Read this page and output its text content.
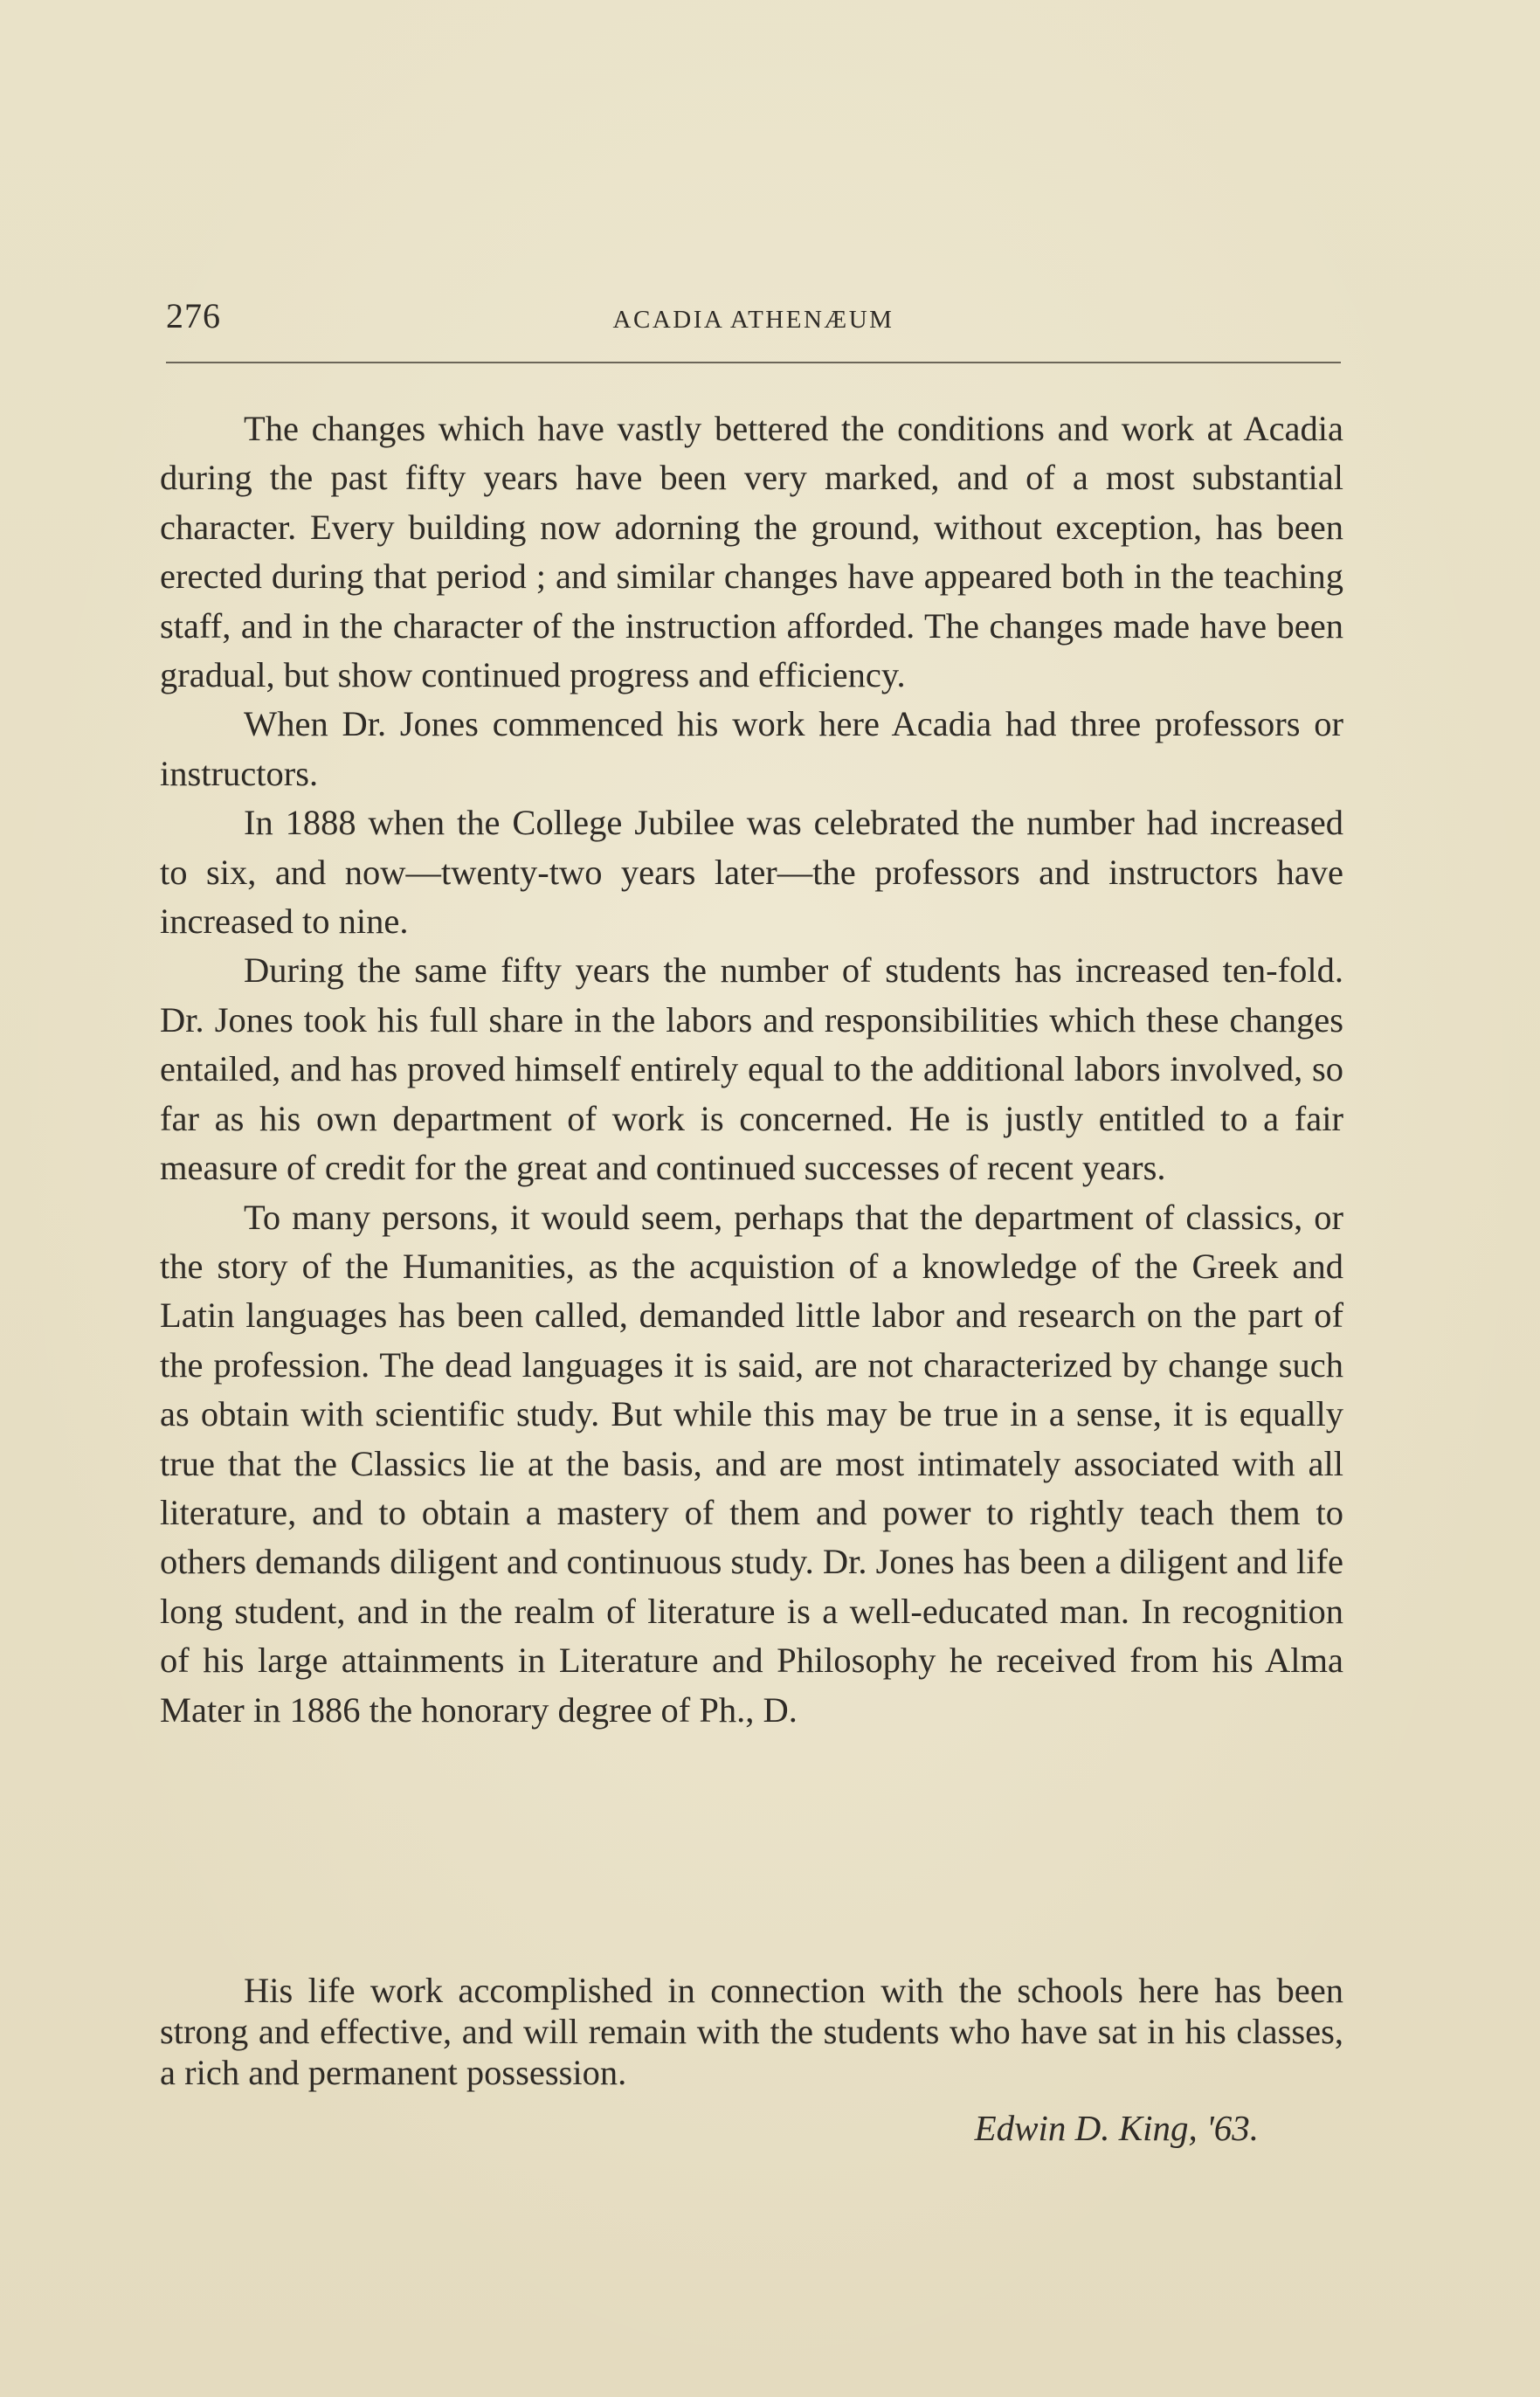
276	ACADIA ATHENÆUM

The changes which have vastly bettered the conditions and work at Acadia during the past fifty years have been very marked, and of a most substantial character. Every building now adorning the ground, without exception, has been erected during that period ; and similar changes have appeared both in the teaching staff, and in the character of the instruction afforded. The changes made have been gradual, but show continued progress and efficiency.

When Dr. Jones commenced his work here Acadia had three professors or instructors.

In 1888 when the College Jubilee was celebrated the number had increased to six, and now—twenty-two years later—the professors and instructors have increased to nine.

During the same fifty years the number of students has increased ten-fold. Dr. Jones took his full share in the labors and responsibilities which these changes entailed, and has proved himself entirely equal to the additional labors involved, so far as his own department of work is concerned. He is justly entitled to a fair measure of credit for the great and continued successes of recent years.

To many persons, it would seem, perhaps that the department of classics, or the story of the Humanities, as the acquistion of a knowledge of the Greek and Latin languages has been called, demanded little labor and research on the part of the profession. The dead languages it is said, are not characterized by change such as obtain with scientific study. But while this may be true in a sense, it is equally true that the Classics lie at the basis, and are most intimately associated with all literature, and to obtain a mastery of them and power to rightly teach them to others demands diligent and continuous study. Dr. Jones has been a diligent and life long student, and in the realm of literature is a well-educated man. In recognition of his large attainments in Literature and Philosophy he received from his Alma Mater in 1886 the honorary degree of Ph., D.

His life work accomplished in connection with the schools here has been strong and effective, and will remain with the students who have sat in his classes, a rich and permanent possession.

Edwin D. King, '63.
